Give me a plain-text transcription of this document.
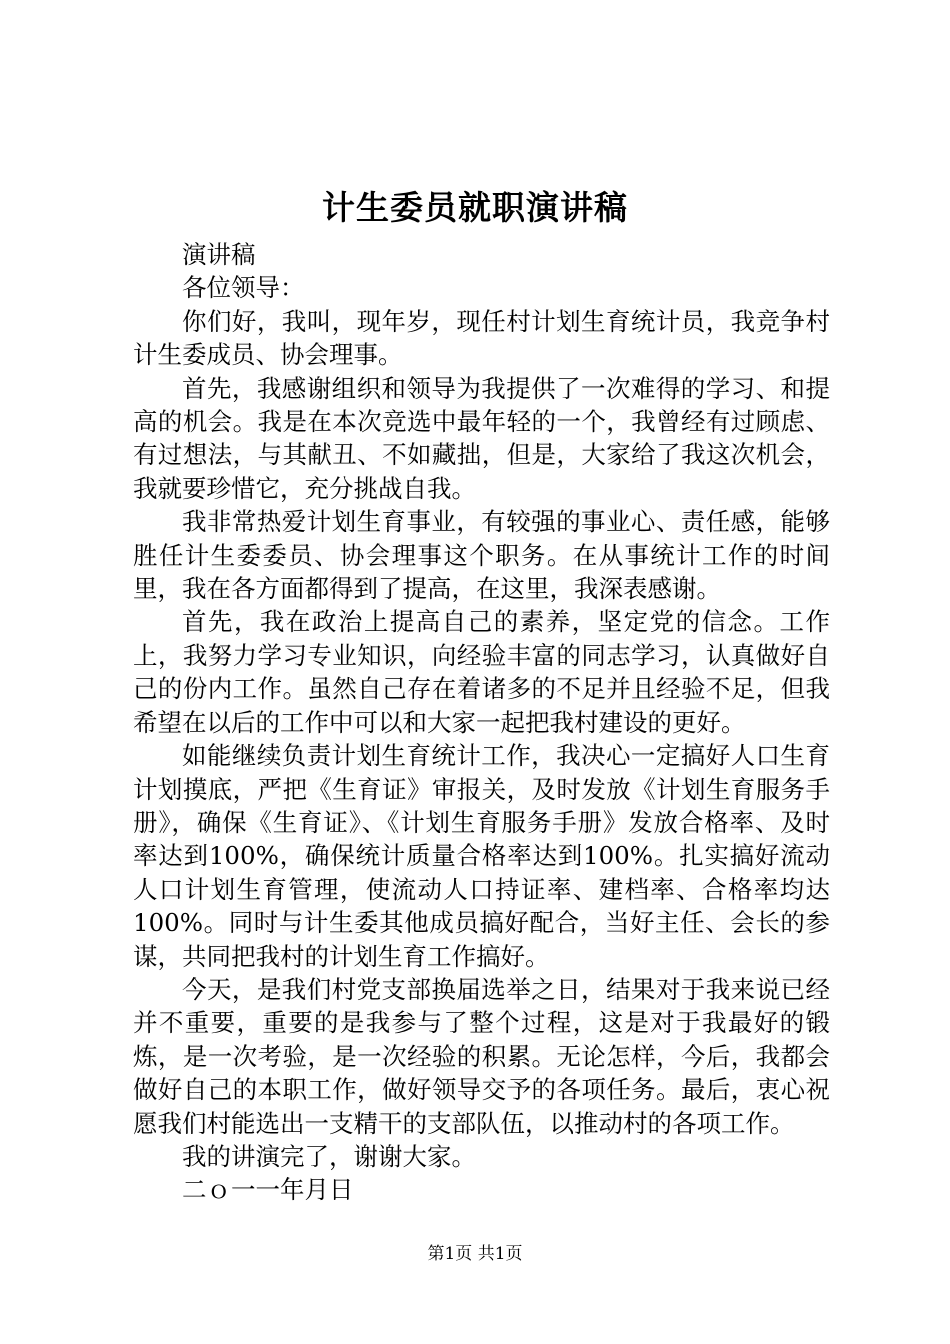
计生委员就职演讲稿

演讲稿

各位领导：

你们好，我叫，现年岁，现任村计划生育统计员，我竞争村计生委成员、协会理事。

首先，我感谢组织和领导为我提供了一次难得的学习、和提高的机会。我是在本次竞选中最年轻的一个，我曾经有过顾虑、有过想法，与其献丑、不如藏拙，但是，大家给了我这次机会，我就要珍惜它，充分挑战自我。

我非常热爱计划生育事业，有较强的事业心、责任感，能够胜任计生委委员、协会理事这个职务。在从事统计工作的时间里，我在各方面都得到了提高，在这里，我深表感谢。

首先，我在政治上提高自己的素养，坚定党的信念。工作上，我努力学习专业知识，向经验丰富的同志学习，认真做好自己的份内工作。虽然自己存在着诸多的不足并且经验不足，但我希望在以后的工作中可以和大家一起把我村建设的更好。

如能继续负责计划生育统计工作，我决心一定搞好人口生育计划摸底，严把《生育证》审报关，及时发放《计划生育服务手册》，确保《生育证》、《计划生育服务手册》发放合格率、及时率达到100%，确保统计质量合格率达到100%。扎实搞好流动人口计划生育管理，使流动人口持证率、建档率、合格率均达100%。同时与计生委其他成员搞好配合，当好主任、会长的参谋，共同把我村的计划生育工作搞好。

今天，是我们村党支部换届选举之日，结果对于我来说已经并不重要，重要的是我参与了整个过程，这是对于我最好的锻炼，是一次考验，是一次经验的积累。无论怎样，今后，我都会做好自己的本职工作，做好领导交予的各项任务。最后，衷心祝愿我们村能选出一支精干的支部队伍，以推动村的各项工作。

我的讲演完了，谢谢大家。

二ｏ一一年月日

第1页 共1页
